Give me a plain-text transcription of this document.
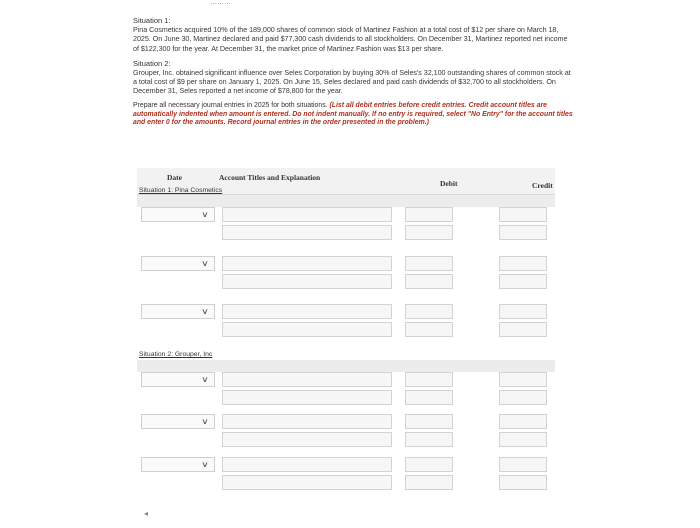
………

Situation 1:

Pina Cosmetics acquired 10% of the 189,000 shares of common stock of Martinez Fashion at a total cost of $12 per share on March 18, 2025. On June 30, Martinez declared and paid $77,300 cash dividends to all stockholders. On December 31, Martinez reported net income of $122,300 for the year. At December 31, the market price of Martinez Fashion was $13 per share.

Situation 2:

Grouper, Inc. obtained significant influence over Seles Corporation by buying 30% of Seles's 32,100 outstanding shares of common stock at a total cost of $9 per share on January 1, 2025. On June 15, Seles declared and paid cash dividends of $32,700 to all stockholders. On December 31, Seles reported a net income of $78,800 for the year.

Prepare all necessary journal entries in 2025 for both situations. (List all debit entries before credit entries. Credit account titles are automatically indented when amount is entered. Do not indent manually. If no entry is required, select "No Entry" for the account titles and enter 0 for the amounts. Record journal entries in the order presented in the problem.)

Date	Account Titles and Explanation
Debit	Credit
Situation 1: Pina Cosmetics
∨
∨
∨
Situation 2: Grouper, Inc
∨
∨
∨
◂
